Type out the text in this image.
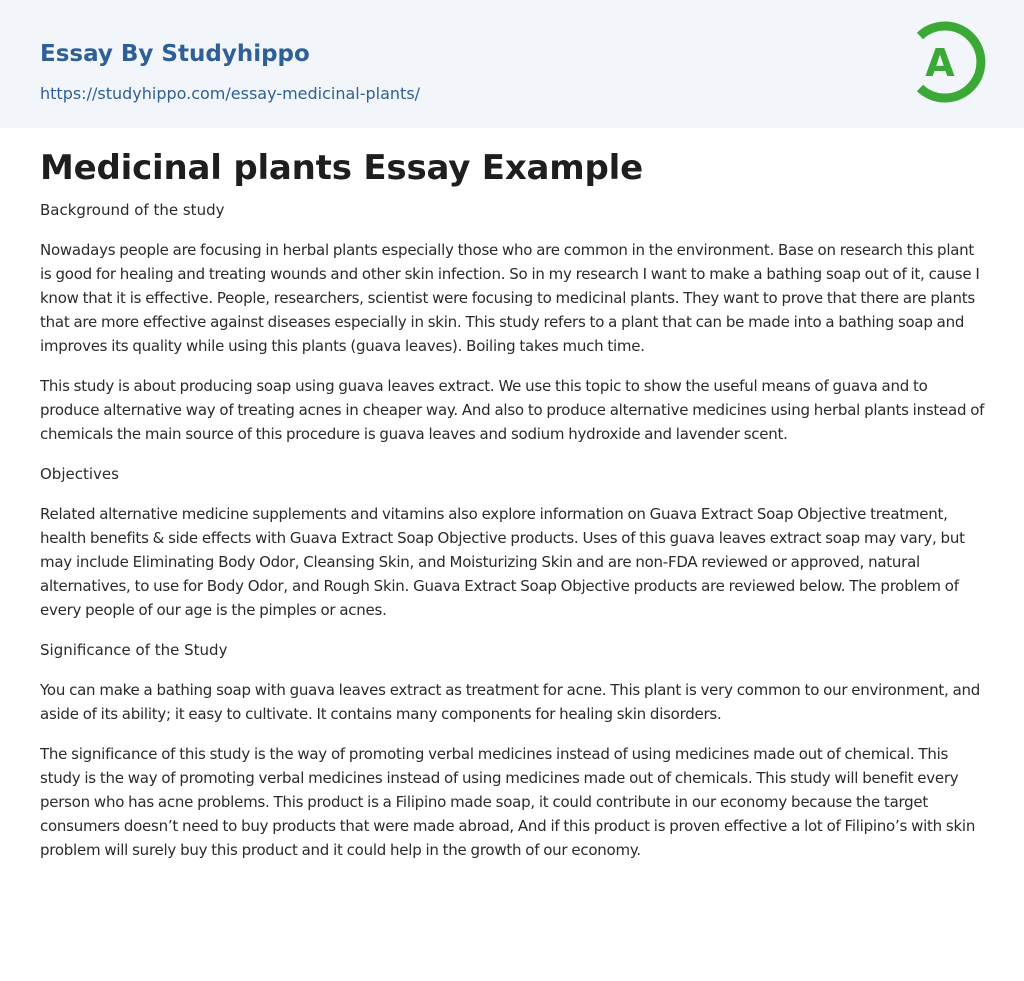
Essay By Studyhippo
https://studyhippo.com/essay-medicinal-plants/
A
Medicinal plants Essay Example

Background of the study

Nowadays people are focusing in herbal plants especially those who are common in the environment. Base on research this plant is good for healing and treating wounds and other skin infection. So in my research I want to make a bathing soap out of it, cause I know that it is effective. People, researchers, scientist were focusing to medicinal plants. They want to prove that there are plants that are more effective against diseases especially in skin. This study refers to a plant that can be made into a bathing soap and improves its quality while using this plants (guava leaves). Boiling takes much time.

This study is about producing soap using guava leaves extract. We use this topic to show the useful means of guava and to produce alternative way of treating acnes in cheaper way. And also to produce alternative medicines using herbal plants instead of chemicals the main source of this procedure is guava leaves and sodium hydroxide and lavender scent.

Objectives

Related alternative medicine supplements and vitamins also explore information on Guava Extract Soap Objective treatment, health benefits & side effects with Guava Extract Soap Objective products. Uses of this guava leaves extract soap may vary, but may include Eliminating Body Odor, Cleansing Skin, and Moisturizing Skin and are non-FDA reviewed or approved, natural alternatives, to use for Body Odor, and Rough Skin. Guava Extract Soap Objective products are reviewed below. The problem of every people of our age is the pimples or acnes.

Significance of the Study

You can make a bathing soap with guava leaves extract as treatment for acne. This plant is very common to our environment, and aside of its ability; it easy to cultivate. It contains many components for healing skin disorders.

The significance of this study is the way of promoting verbal medicines instead of using medicines made out of chemical. This study is the way of promoting verbal medicines instead of using medicines made out of chemicals. This study will benefit every person who has acne problems. This product is a Filipino made soap, it could contribute in our economy because the target consumers doesn’t need to buy products that were made abroad, And if this product is proven effective a lot of Filipino’s with skin problem will surely buy this product and it could help in the growth of our economy.
